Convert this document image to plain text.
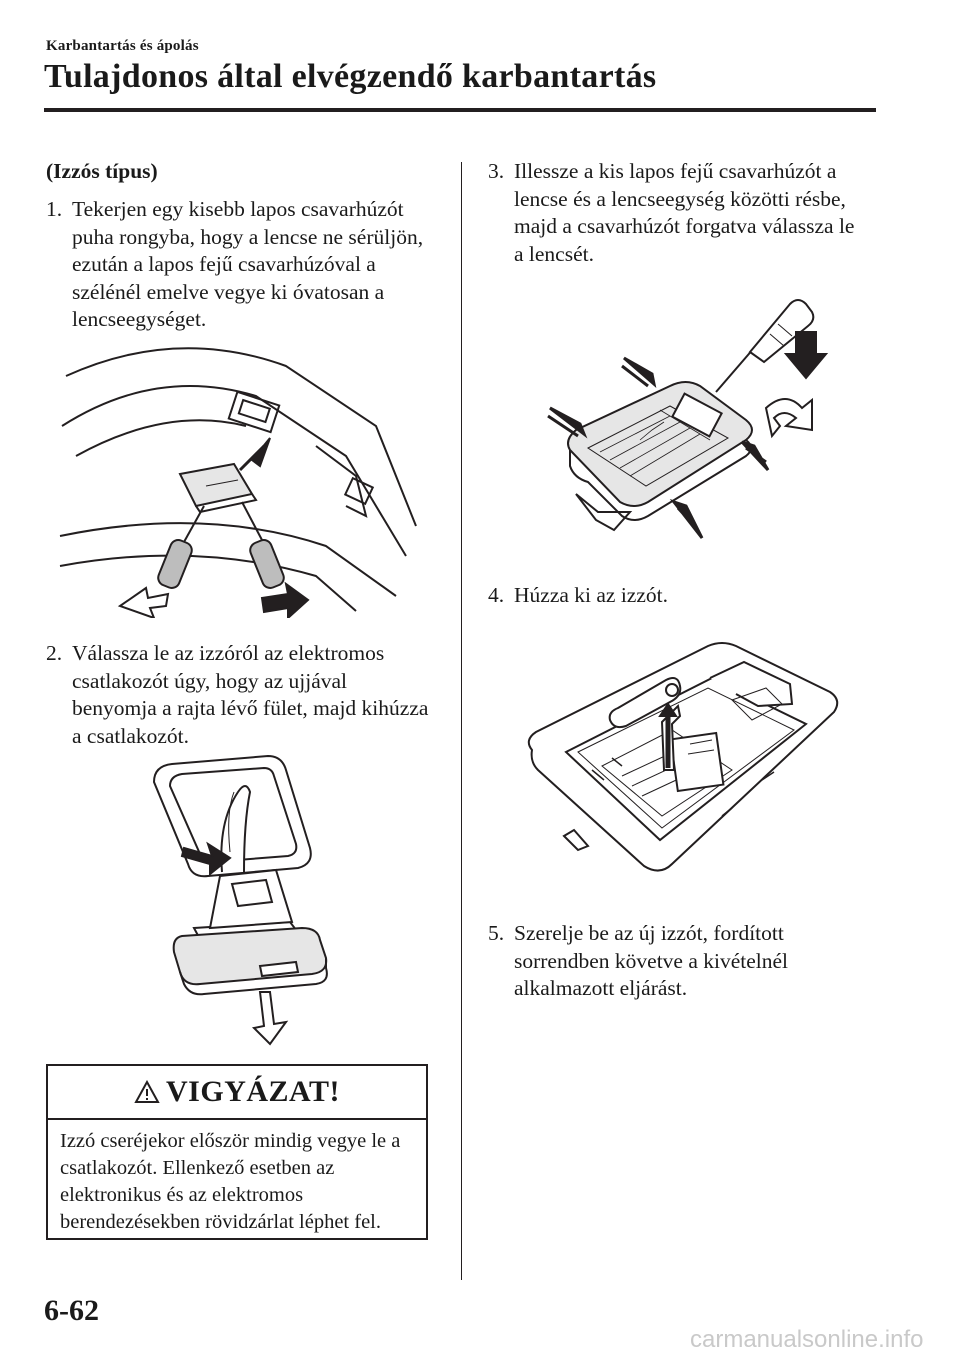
Karbantartás és ápolás
Tulajdonos által elvégzendő karbantartás
(Izzós típus)
1. Tekerjen egy kisebb lapos csavarhúzót puha rongyba, hogy a lencse ne sérüljön, ezután a lapos fejű csavarhúzóval a szélénél emelve vegye ki óvatosan a lencseegységet.
2. Válassza le az izzóról az elektromos csatlakozót úgy, hogy az ujjával benyomja a rajta lévő fület, majd kihúzza a csatlakozót.
VIGYÁZAT!
Izzó cseréjekor először mindig vegye le a csatlakozót. Ellenkező esetben az elektronikus és az elektromos berendezésekben rövidzárlat léphet fel.
3. Illessze a kis lapos fejű csavarhúzót a lencse és a lencseegység közötti résbe, majd a csavarhúzót forgatva válassza le a lencsét.
4. Húzza ki az izzót.
5. Szerelje be az új izzót, fordított sorrendben követve a kivételnél alkalmazott eljárást.
6-62
carmanualsonline.info
